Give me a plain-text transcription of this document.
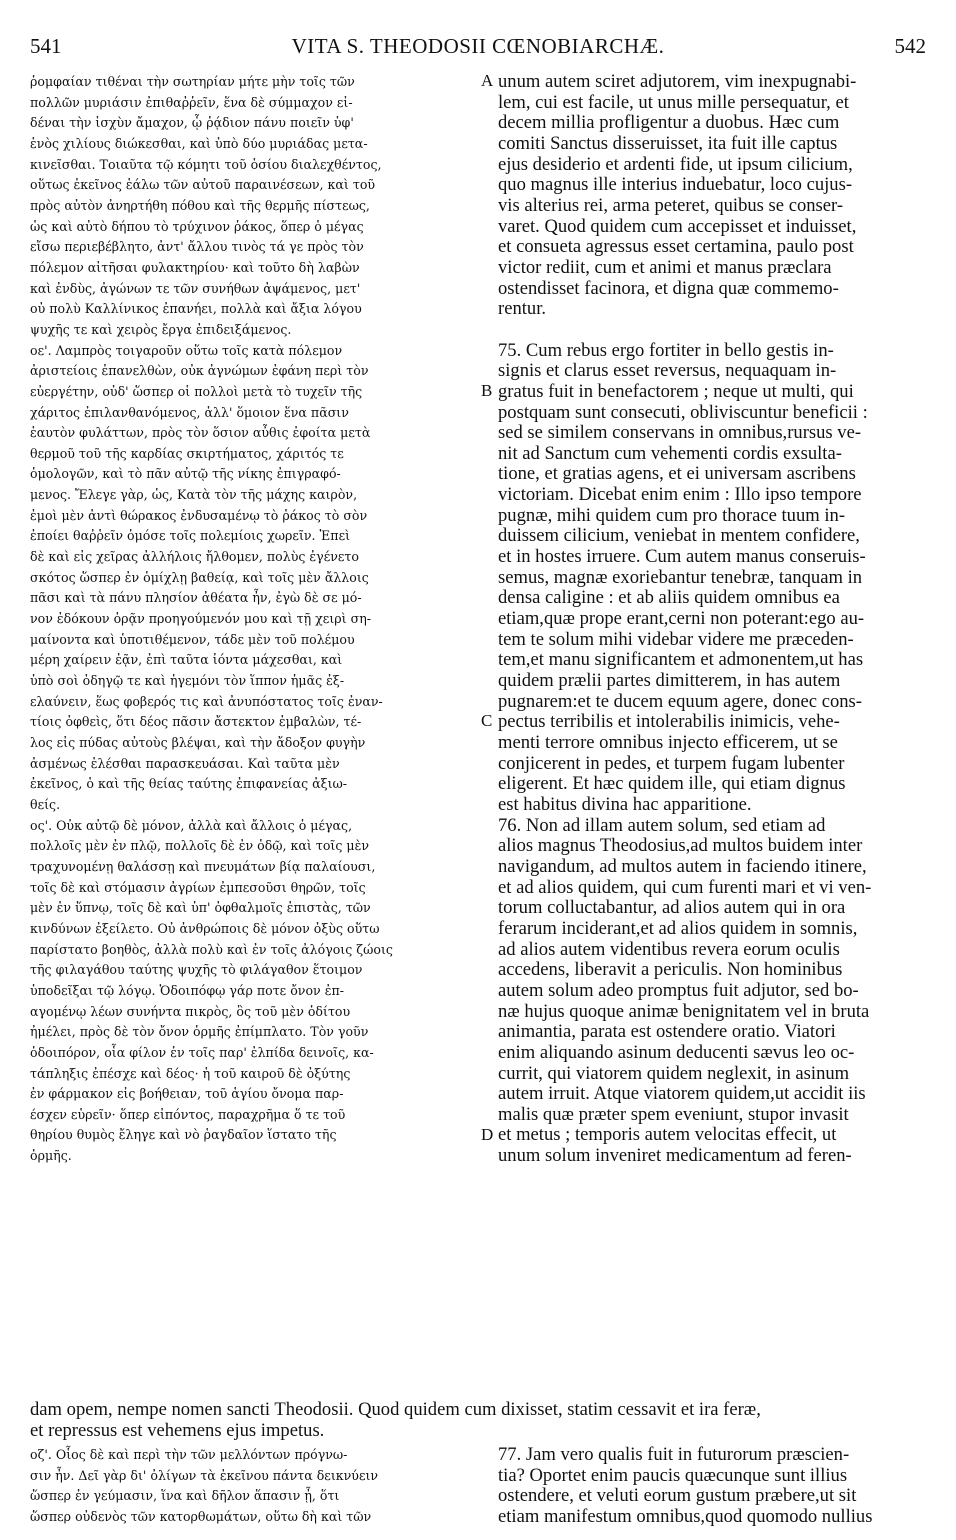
541	VITA S. THEODOSII CŒNOBIARCHÆ.	542
ῥομφαίαν τιθέναι τὴν σωτηρίαν μήτε μὴν τοῖς τῶν
πολλῶν μυριάσιν ἐπιθαῤῥεῖν, ἕνα δὲ σύμμαχον εἰ-
δέναι τὴν ἰσχὺν ἄμαχον, ᾧ ῥᾴδιον πάνυ ποιεῖν ὑφ'
ἑνὸς χιλίους διώκεσθαι, καὶ ὑπὸ δύο μυριάδας μετα-
κινεῖσθαι. Τοιαῦτα τῷ κόμητι τοῦ ὁσίου διαλεχθέντος,
οὕτως ἐκεῖνος ἑάλω τῶν αὐτοῦ παραινέσεων, καὶ τοῦ
πρὸς αὐτὸν ἀνηρτήθη πόθου καὶ τῆς θερμῆς πίστεως,
ὡς καὶ αὐτὸ δήπου τὸ τρύχινον ῥάκος, ὅπερ ὁ μέγας
εἴσω περιεβέβλητο, ἀντ' ἄλλου τινὸς τά γε πρὸς τὸν
πόλεμον αἰτῆσαι φυλακτηρίου· καὶ τοῦτο δὴ λαβὼν
καὶ ἐνδὺς, ἀγώνων τε τῶν συνήθων ἀψάμενος, μετ'
οὐ πολὺ Καλλίνικος ἐπανήει, πολλὰ καὶ ἄξια λόγου
ψυχῆς τε καὶ χειρὸς ἔργα ἐπιδειξάμενος.
οε'. Λαμπρὸς τοιγαροῦν οὕτω τοῖς κατὰ πόλεμον
ἀριστείοις ἐπανελθὼν, οὐκ ἀγνώμων ἐφάνη περὶ τὸν
εὐεργέτην, οὐδ' ὥσπερ οἱ πολλοὶ μετὰ τὸ τυχεῖν τῆς
χάριτος ἐπιλανθανόμενος, ἀλλ' ὅμοιον ἕνα πᾶσιν
ἑαυτὸν φυλάττων, πρὸς τὸν ὅσιον αὖθις ἐφοίτα μετὰ
θερμοῦ τοῦ τῆς καρδίας σκιρτήματος, χάριτός τε
ὁμολογῶν, καὶ τὸ πᾶν αὐτῷ τῆς νίκης ἐπιγραφό-
μενος. Ἔλεγε γὰρ, ὡς, Κατὰ τὸν τῆς μάχης καιρὸν,
ἐμοὶ μὲν ἀντὶ θώρακος ἐνδυσαμένῳ τὸ ῥάκος τὸ σὸν
ἐποίει θαῤῥεῖν ὁμόσε τοῖς πολεμίοις χωρεῖν. Ἐπεὶ
δὲ καὶ εἰς χεῖρας ἀλλήλοις ἤλθομεν, πολὺς ἐγένετο
σκότος ὥσπερ ἐν ὁμίχλῃ βαθείᾳ, καὶ τοῖς μὲν ἄλλοις
πᾶσι καὶ τὰ πάνυ πλησίον ἀθέατα ἦν, ἐγὼ δὲ σε μό-
νον ἐδόκουν ὁρᾷν προηγούμενόν μου καὶ τῇ χειρὶ ση-
μαίνοντα καὶ ὑποτιθέμενον, τάδε μὲν τοῦ πολέμου
μέρη χαίρειν ἐᾷν, ἐπὶ ταῦτα ἰόντα μάχεσθαι, καὶ
ὑπὸ σοὶ ὁδηγῷ τε καὶ ἡγεμόνι τὸν ἵππον ἡμᾶς ἐξ-
ελαύνειν, ἕως φοβερός τις καὶ ἀνυπόστατος τοῖς ἐναν-
τίοις ὀφθεὶς, ὅτι δέος πᾶσιν ἄστεκτον ἐμβαλὼν, τέ-
λος εἰς πύδας αὐτοὺς βλέψαι, καὶ τὴν ἄδοξον φυγὴν
ἀσμένως ἑλέσθαι παρασκευάσαι. Καὶ ταῦτα μὲν
ἐκεῖνος, ὁ καὶ τῆς θείας ταύτης ἐπιφανείας ἀξιω-
θείς.
ος'. Οὐκ αὐτῷ δὲ μόνον, ἀλλὰ καὶ ἄλλοις ὁ μέγας,
πολλοῖς μὲν ἐν πλῷ, πολλοῖς δὲ ἐν ὁδῷ, καὶ τοῖς μὲν
τραχυνομένῃ θαλάσσῃ καὶ πνευμάτων βίᾳ παλαίουσι,
τοῖς δὲ καὶ στόμασιν ἀγρίων ἐμπεσοῦσι θηρῶν, τοῖς
μὲν ἐν ὕπνῳ, τοῖς δὲ καὶ ὑπ' ὀφθαλμοῖς ἐπιστὰς, τῶν
κινδύνων ἐξείλετο. Οὐ ἀνθρώποις δὲ μόνον ὀξὺς οὕτω
παρίστατο βοηθὸς, ἀλλὰ πολὺ καὶ ἐν τοῖς ἀλόγοις ζώοις
τῆς φιλαγάθου ταύτης ψυχῆς τὸ φιλάγαθον ἕτοιμον
ὑποδεῖξαι τῷ λόγῳ. Ὁδοιπόφῳ γάρ ποτε ὄνον ἐπ-
αγομένῳ λέων συνήντα πικρὸς, ὃς τοῦ μὲν ὁδίτου
ἠμέλει, πρὸς δὲ τὸν ὄνον ὁρμῆς ἐπίμπλατο. Τὸν γοῦν
ὁδοιπόρον, οἷα φίλον ἐν τοῖς παρ' ἐλπίδα δεινοῖς, κα-
τάπληξις ἐπέσχε καὶ δέος· ἡ τοῦ καιροῦ δὲ ὀξύτης
ἐν φάρμακον εἰς βοήθειαν, τοῦ ἁγίου ὄνομα παρ-
έσχεν εὑρεῖν· ὅπερ εἰπόντος, παραχρῆμα ὅ τε τοῦ
θηρίου θυμὸς ἔληγε καὶ νὸ ῥαγδαῖον ἵστατο τῆς
ὁρμῆς.
unum autem sciret adjutorem, vim inexpugnabi-
lem, cui est facile, ut unus mille persequatur, et
decem millia profligentur a duobus. Hæc cum
comiti Sanctus disseruisset, ita fuit ille captus
ejus desiderio et ardenti fide, ut ipsum cilicium,
quo magnus ille interius induebatur, loco cujus-
vis alterius rei, arma peteret, quibus se conser-
varet. Quod quidem cum accepisset et induisset,
et consueta agressus esset certamina, paulo post
victor rediit, cum et animi et manus præclara
ostendisset facinora, et digna quæ commemo-
rentur.

75. Cum rebus ergo fortiter in bello gestis in-
signis et clarus esset reversus, nequaquam in-
gratus fuit in benefactorem ; neque ut multi, qui
postquam sunt consecuti, obliviscuntur beneficii :
sed se similem conservans in omnibus,rursus ve-
nit ad Sanctum cum vehementi cordis exsulta-
tione, et gratias agens, et ei universam ascribens
victoriam. Dicebat enim enim : Illo ipso tempore
pugnæ, mihi quidem cum pro thorace tuum in-
duissem cilicium, veniebat in mentem confidere,
et in hostes irruere. Cum autem manus conseruis-
semus, magnæ exoriebantur tenebræ, tanquam in
densa caligine : et ab aliis quidem omnibus ea
etiam,quæ prope erant,cerni non poterant:ego au-
tem te solum mihi videbar videre me præceden-
tem,et manu significantem et admonentem,ut has
quidem prælii partes dimitterem, in has autem
pugnarem:et te ducem equum agere, donec cons-
pectus terribilis et intolerabilis inimicis, vehe-
menti terrore omnibus injecto efficerem, ut se
conjicerent in pedes, et turpem fugam lubenter
eligerent. Et hæc quidem ille, qui etiam dignus
est habitus divina hac apparitione.
76. Non ad illam autem solum, sed etiam ad
alios magnus Theodosius,ad multos buidem inter
navigandum, ad multos autem in faciendo itinere,
et ad alios quidem, qui cum furenti mari et vi ven-
torum colluctabantur, ad alios autem qui in ora
ferarum inciderant,et ad alios quidem in somnis,
ad alios autem videntibus revera eorum oculis
accedens, liberavit a periculis. Non hominibus
autem solum adeo promptus fuit adjutor, sed bo-
næ hujus quoque animæ benignitatem vel in bruta
animantia, parata est ostendere oratio. Viatori
enim aliquando asinum deducenti sævus leo oc-
currit, qui viatorem quidem neglexit, in asinum
autem irruit. Atque viatorem quidem,ut accidit iis
malis quæ præter spem eveniunt, stupor invasit
et metus ; temporis autem velocitas effecit, ut
unum solum inveniret medicamentum ad feren-
A
B
C
D
dam opem, nempe nomen sancti Theodosii. Quod quidem cum dixisset, statim cessavit et ira feræ,
et repressus est vehemens ejus impetus.
οζ'. Οἷος δὲ καὶ περὶ τὴν τῶν μελλόντων πρόγνω-
σιν ἦν. Δεῖ γὰρ δι' ὀλίγων τὰ ἐκεῖνου πάντα δεικνύειν
ὥσπερ ἐν γεύμασιν, ἵνα καὶ δῆλον ἅπασιν ᾖ, ὅτι
ὥσπερ οὐδενὸς τῶν κατορθωμάτων, οὕτω δὴ καὶ τῶν
77. Jam vero qualis fuit in futurorum præscien-
tia? Oportet enim paucis quæcunque sunt illius
ostendere, et veluti eorum gustum præbere,ut sit
etiam manifestum omnibus,quod quomodo nullius
